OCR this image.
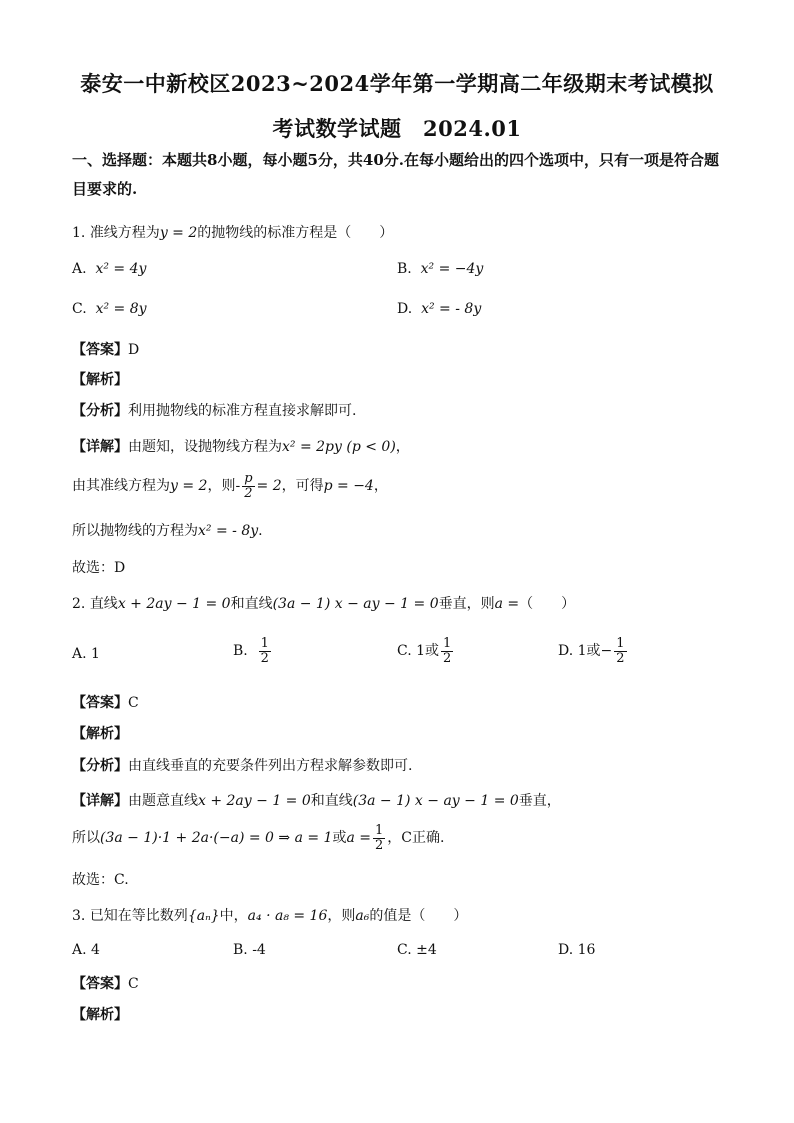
泰安一中新校区2023~2024学年第一学期高二年级期末考试模拟
考试数学试题　2024.01
一、选择题：本题共8小题，每小题5分，共40分.在每小题给出的四个选项中，只有一项是符合题目要求的.
1. 准线方程为y = 2的抛物线的标准方程是（　　）
A. x² = 4y	B. x² = −4y
C. x² = 8y	D. x² = - 8y
【答案】D
【解析】
【分析】利用抛物线的标准方程直接求解即可.
【详解】由题知，设抛物线方程为x² = 2py (p < 0)，
由其准线方程为y = 2，则- $\frac{p}{2} = 2$，可得p = −4，
所以抛物线的方程为x² = - 8y.
故选：D
2. 直线x + 2ay − 1 = 0和直线(3a − 1) x − ay − 1 = 0垂直，则a =（　　）
A. 1	B. $\frac{1}{2}$	C. 1或 $\frac{1}{2}$	D. 1或− $\frac{1}{2}$
【答案】C
【解析】
【分析】由直线垂直的充要条件列出方程求解参数即可.
【详解】由题意直线x + 2ay − 1 = 0和直线(3a − 1) x − ay − 1 = 0垂直，
所以(3a − 1)·1 + 2a·(−a) = 0 ⇒ a = 1或$a = \frac{1}{2}$ ，C正确.
故选：C.
3. 已知在等比数列{aₙ}中，a₄ · a₈ = 16，则a₆的值是（　　）
A. 4	B. -4	C. ±4	D. 16
【答案】C
【解析】
